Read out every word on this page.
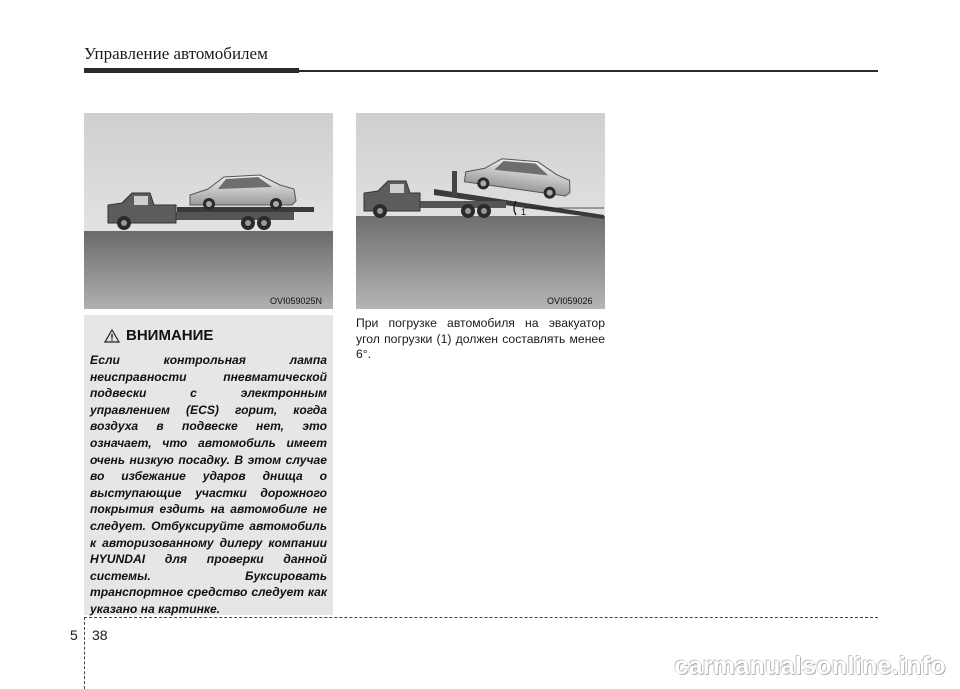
Управление автомобилем
OVI059025N
1
OVI059026
ВНИМАНИЕ

Если контрольная лампа неисправности пневматической подвески с электронным управлением (ECS) горит, когда воздуха в подвеске нет, это означает, что автомобиль имеет очень низкую посадку. В этом случае во избежание ударов днища о выступающие участки дорожного покрытия ездить на автомобиле не следует. Отбуксируйте автомобиль к авторизованному дилеру компании HYUNDAI для проверки данной системы. Буксировать транспортное средство следует как указано на картинке.

При погрузке автомобиля на эвакуатор угол погрузки (1) должен составлять менее 6°.

5 38
carmanualsonline.info
